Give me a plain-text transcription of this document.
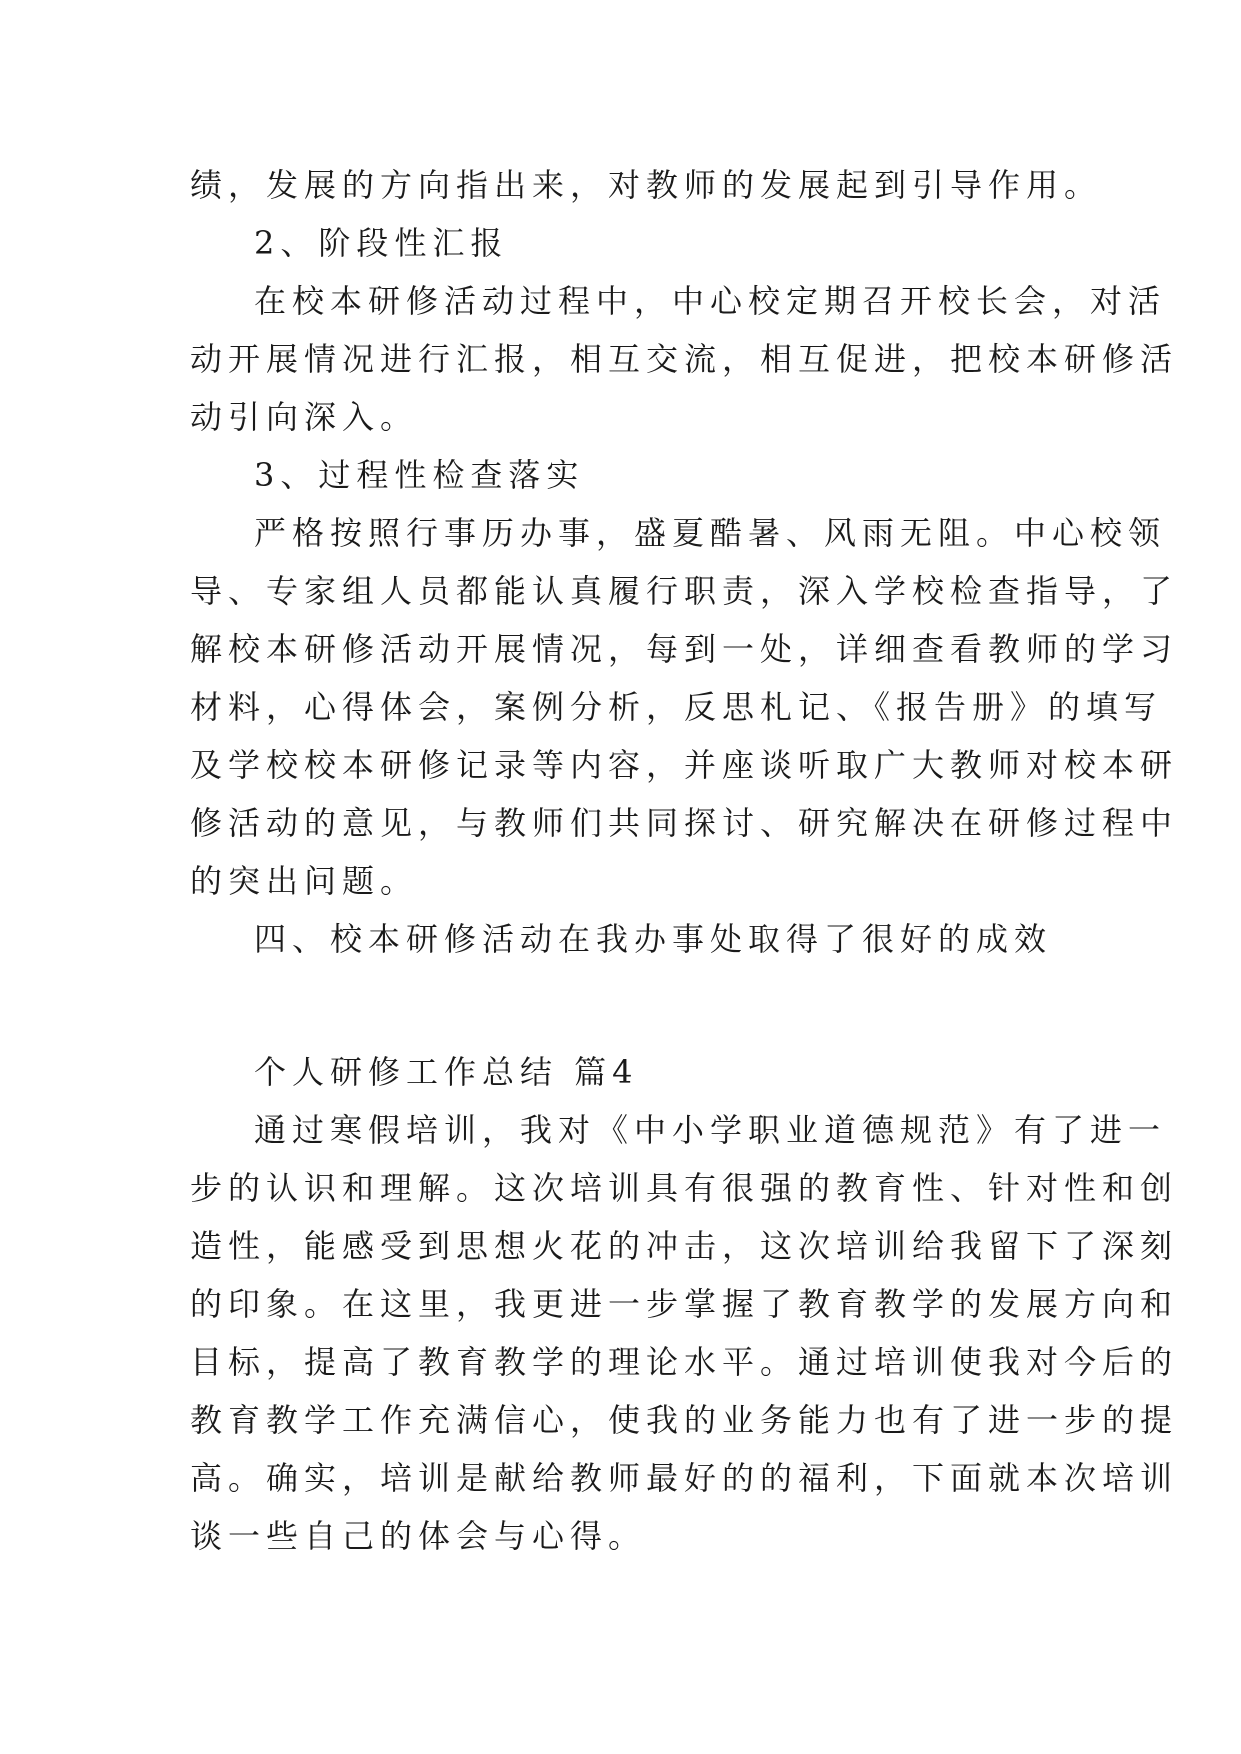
绩，发展的方向指出来，对教师的发展起到引导作用。
2、阶段性汇报
在校本研修活动过程中，中心校定期召开校长会，对活
动开展情况进行汇报，相互交流，相互促进，把校本研修活
动引向深入。
3、过程性检查落实
严格按照行事历办事，盛夏酷暑、风雨无阻。中心校领
导、专家组人员都能认真履行职责，深入学校检查指导，了
解校本研修活动开展情况，每到一处，详细查看教师的学习
材料，心得体会，案例分析，反思札记、《报告册》的填写
及学校校本研修记录等内容，并座谈听取广大教师对校本研
修活动的意见，与教师们共同探讨、研究解决在研修过程中
的突出问题。
四、校本研修活动在我办事处取得了很好的成效
个人研修工作总结 篇4
通过寒假培训，我对《中小学职业道德规范》有了进一
步的认识和理解。这次培训具有很强的教育性、针对性和创
造性，能感受到思想火花的冲击，这次培训给我留下了深刻
的印象。在这里，我更进一步掌握了教育教学的发展方向和
目标，提高了教育教学的理论水平。通过培训使我对今后的
教育教学工作充满信心，使我的业务能力也有了进一步的提
高。确实，培训是献给教师最好的的福利，下面就本次培训
谈一些自己的体会与心得。
